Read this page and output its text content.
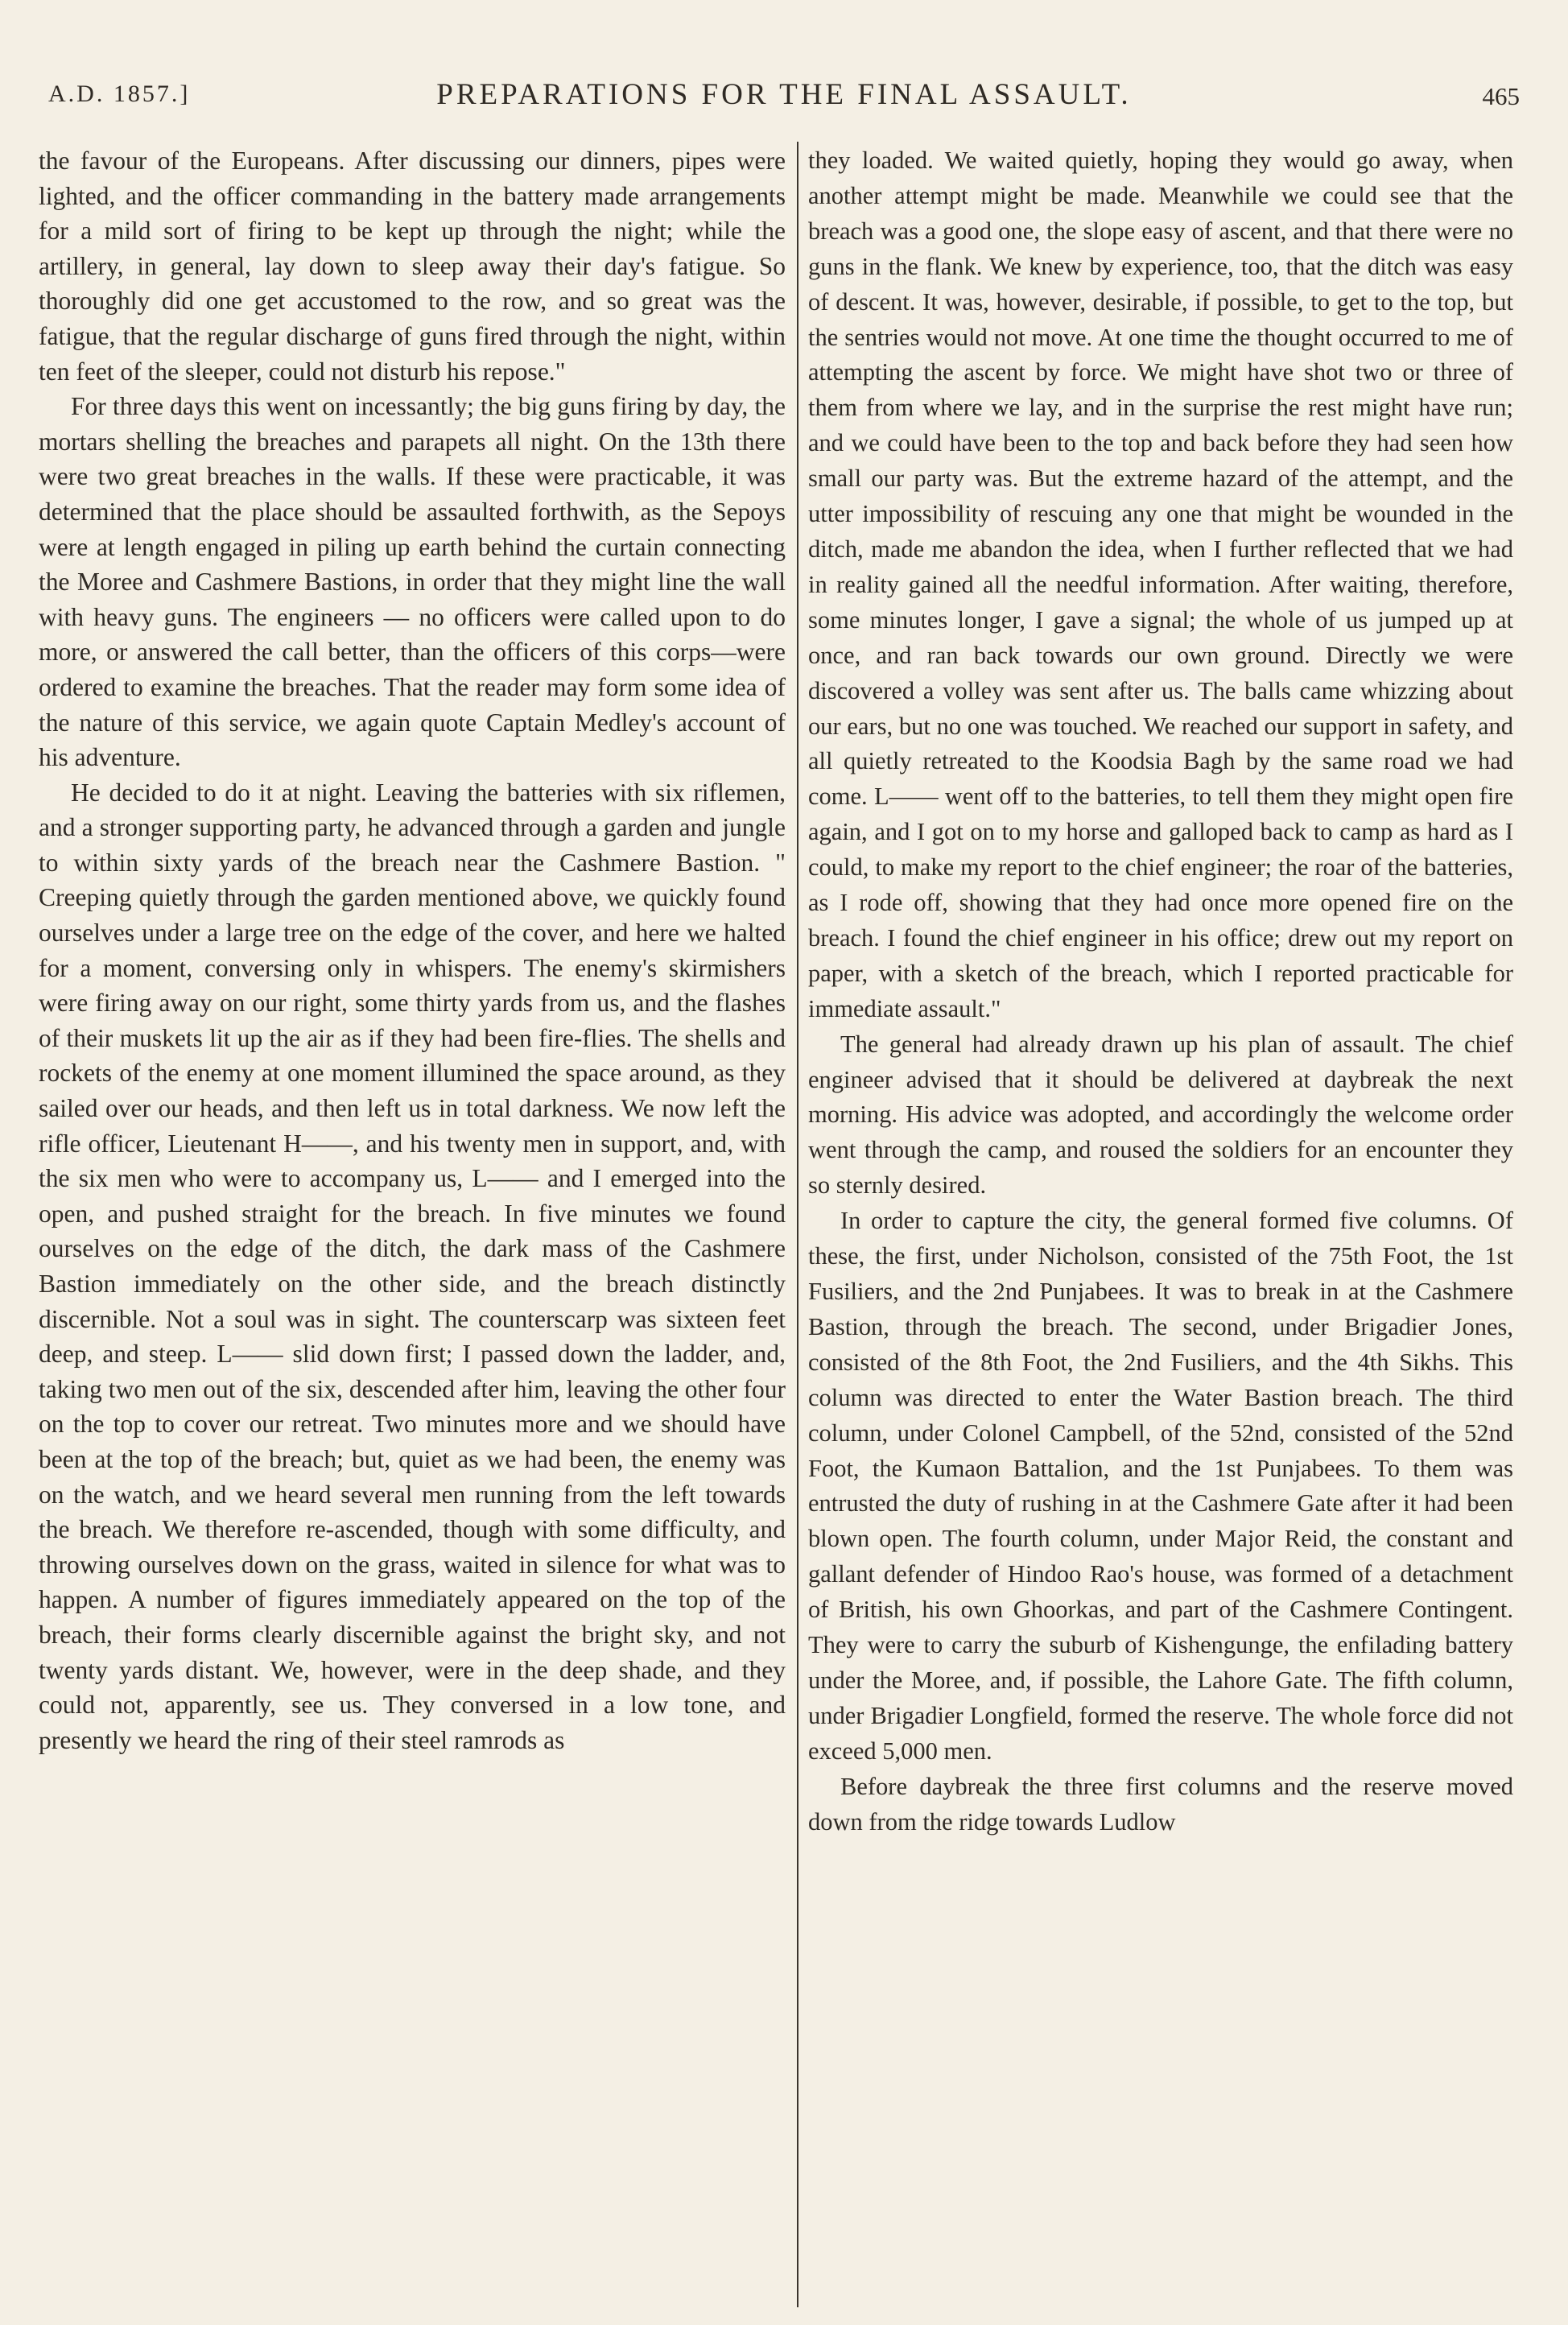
A.D. 1857.]	PREPARATIONS FOR THE FINAL ASSAULT.	465

the favour of the Europeans. After discussing our dinners, pipes were lighted, and the officer commanding in the battery made arrangements for a mild sort of firing to be kept up through the night; while the artillery, in general, lay down to sleep away their day's fatigue. So thoroughly did one get accustomed to the row, and so great was the fatigue, that the regular discharge of guns fired through the night, within ten feet of the sleeper, could not disturb his repose."

For three days this went on incessantly; the big guns firing by day, the mortars shelling the breaches and parapets all night. On the 13th there were two great breaches in the walls. If these were practicable, it was determined that the place should be assaulted forthwith, as the Sepoys were at length engaged in piling up earth behind the curtain connecting the Moree and Cashmere Bastions, in order that they might line the wall with heavy guns. The engineers — no officers were called upon to do more, or answered the call better, than the officers of this corps—were ordered to examine the breaches. That the reader may form some idea of the nature of this service, we again quote Captain Medley's account of his adventure.

He decided to do it at night. Leaving the batteries with six riflemen, and a stronger supporting party, he advanced through a garden and jungle to within sixty yards of the breach near the Cashmere Bastion. " Creeping quietly through the garden mentioned above, we quickly found ourselves under a large tree on the edge of the cover, and here we halted for a moment, conversing only in whispers. The enemy's skirmishers were firing away on our right, some thirty yards from us, and the flashes of their muskets lit up the air as if they had been fire-flies. The shells and rockets of the enemy at one moment illumined the space around, as they sailed over our heads, and then left us in total darkness. We now left the rifle officer, Lieutenant H——, and his twenty men in support, and, with the six men who were to accompany us, L—— and I emerged into the open, and pushed straight for the breach. In five minutes we found ourselves on the edge of the ditch, the dark mass of the Cashmere Bastion immediately on the other side, and the breach distinctly discernible. Not a soul was in sight. The counterscarp was sixteen feet deep, and steep. L—— slid down first; I passed down the ladder, and, taking two men out of the six, descended after him, leaving the other four on the top to cover our retreat. Two minutes more and we should have been at the top of the breach; but, quiet as we had been, the enemy was on the watch, and we heard several men running from the left towards the breach. We therefore re-ascended, though with some difficulty, and throwing ourselves down on the grass, waited in silence for what was to happen. A number of figures immediately appeared on the top of the breach, their forms clearly discernible against the bright sky, and not twenty yards distant. We, however, were in the deep shade, and they could not, apparently, see us. They conversed in a low tone, and presently we heard the ring of their steel ramrods as

they loaded. We waited quietly, hoping they would go away, when another attempt might be made. Meanwhile we could see that the breach was a good one, the slope easy of ascent, and that there were no guns in the flank. We knew by experience, too, that the ditch was easy of descent. It was, however, desirable, if possible, to get to the top, but the sentries would not move. At one time the thought occurred to me of attempting the ascent by force. We might have shot two or three of them from where we lay, and in the surprise the rest might have run; and we could have been to the top and back before they had seen how small our party was. But the extreme hazard of the attempt, and the utter impossibility of rescuing any one that might be wounded in the ditch, made me abandon the idea, when I further reflected that we had in reality gained all the needful information. After waiting, therefore, some minutes longer, I gave a signal; the whole of us jumped up at once, and ran back towards our own ground. Directly we were discovered a volley was sent after us. The balls came whizzing about our ears, but no one was touched. We reached our support in safety, and all quietly retreated to the Koodsia Bagh by the same road we had come. L—— went off to the batteries, to tell them they might open fire again, and I got on to my horse and galloped back to camp as hard as I could, to make my report to the chief engineer; the roar of the batteries, as I rode off, showing that they had once more opened fire on the breach. I found the chief engineer in his office; drew out my report on paper, with a sketch of the breach, which I reported practicable for immediate assault."

The general had already drawn up his plan of assault. The chief engineer advised that it should be delivered at daybreak the next morning. His advice was adopted, and accordingly the welcome order went through the camp, and roused the soldiers for an encounter they so sternly desired.

In order to capture the city, the general formed five columns. Of these, the first, under Nicholson, consisted of the 75th Foot, the 1st Fusiliers, and the 2nd Punjabees. It was to break in at the Cashmere Bastion, through the breach. The second, under Brigadier Jones, consisted of the 8th Foot, the 2nd Fusiliers, and the 4th Sikhs. This column was directed to enter the Water Bastion breach. The third column, under Colonel Campbell, of the 52nd, consisted of the 52nd Foot, the Kumaon Battalion, and the 1st Punjabees. To them was entrusted the duty of rushing in at the Cashmere Gate after it had been blown open. The fourth column, under Major Reid, the constant and gallant defender of Hindoo Rao's house, was formed of a detachment of British, his own Ghoorkas, and part of the Cashmere Contingent. They were to carry the suburb of Kishengunge, the enfilading battery under the Moree, and, if possible, the Lahore Gate. The fifth column, under Brigadier Longfield, formed the reserve. The whole force did not exceed 5,000 men.

Before daybreak the three first columns and the reserve moved down from the ridge towards Ludlow
